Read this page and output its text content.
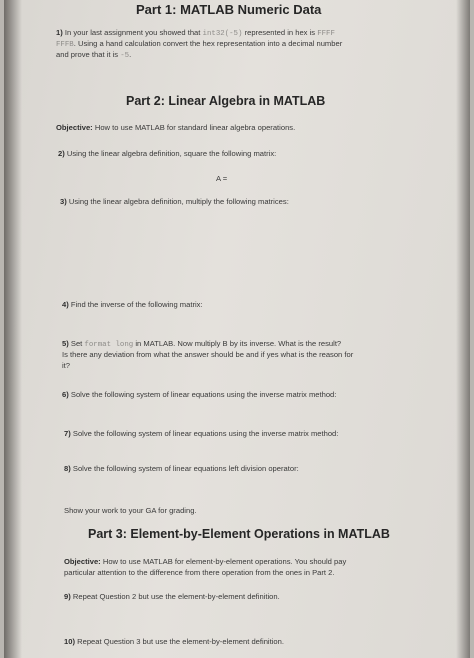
Part 1: MATLAB Numeric Data
1) In your last assignment you showed that int32(-5) represented in hex is FFFF
FFFB. Using a hand calculation convert the hex representation into a decimal number
and prove that it is -5.
Part 2: Linear Algebra in MATLAB
Objective: How to use MATLAB for standard linear algebra operations.
2) Using the linear algebra definition, square the following matrix:
A =
3) Using the linear algebra definition, multiply the following matrices:
4) Find the inverse of the following matrix:
5) Set format long in MATLAB. Now multiply B by its inverse. What is the result?
Is there any deviation from what the answer should be and if yes what is the reason for
it?
6) Solve the following system of linear equations using the inverse matrix method:
7) Solve the following system of linear equations using the inverse matrix method:
8) Solve the following system of linear equations left division operator:
Show your work to your GA for grading.
Part 3: Element-by-Element Operations in MATLAB
Objective: How to use MATLAB for element-by-element operations. You should pay
particular attention to the difference from there operation from the ones in Part 2.
9) Repeat Question 2 but use the element-by-element definition.
10) Repeat Question 3 but use the element-by-element definition.
